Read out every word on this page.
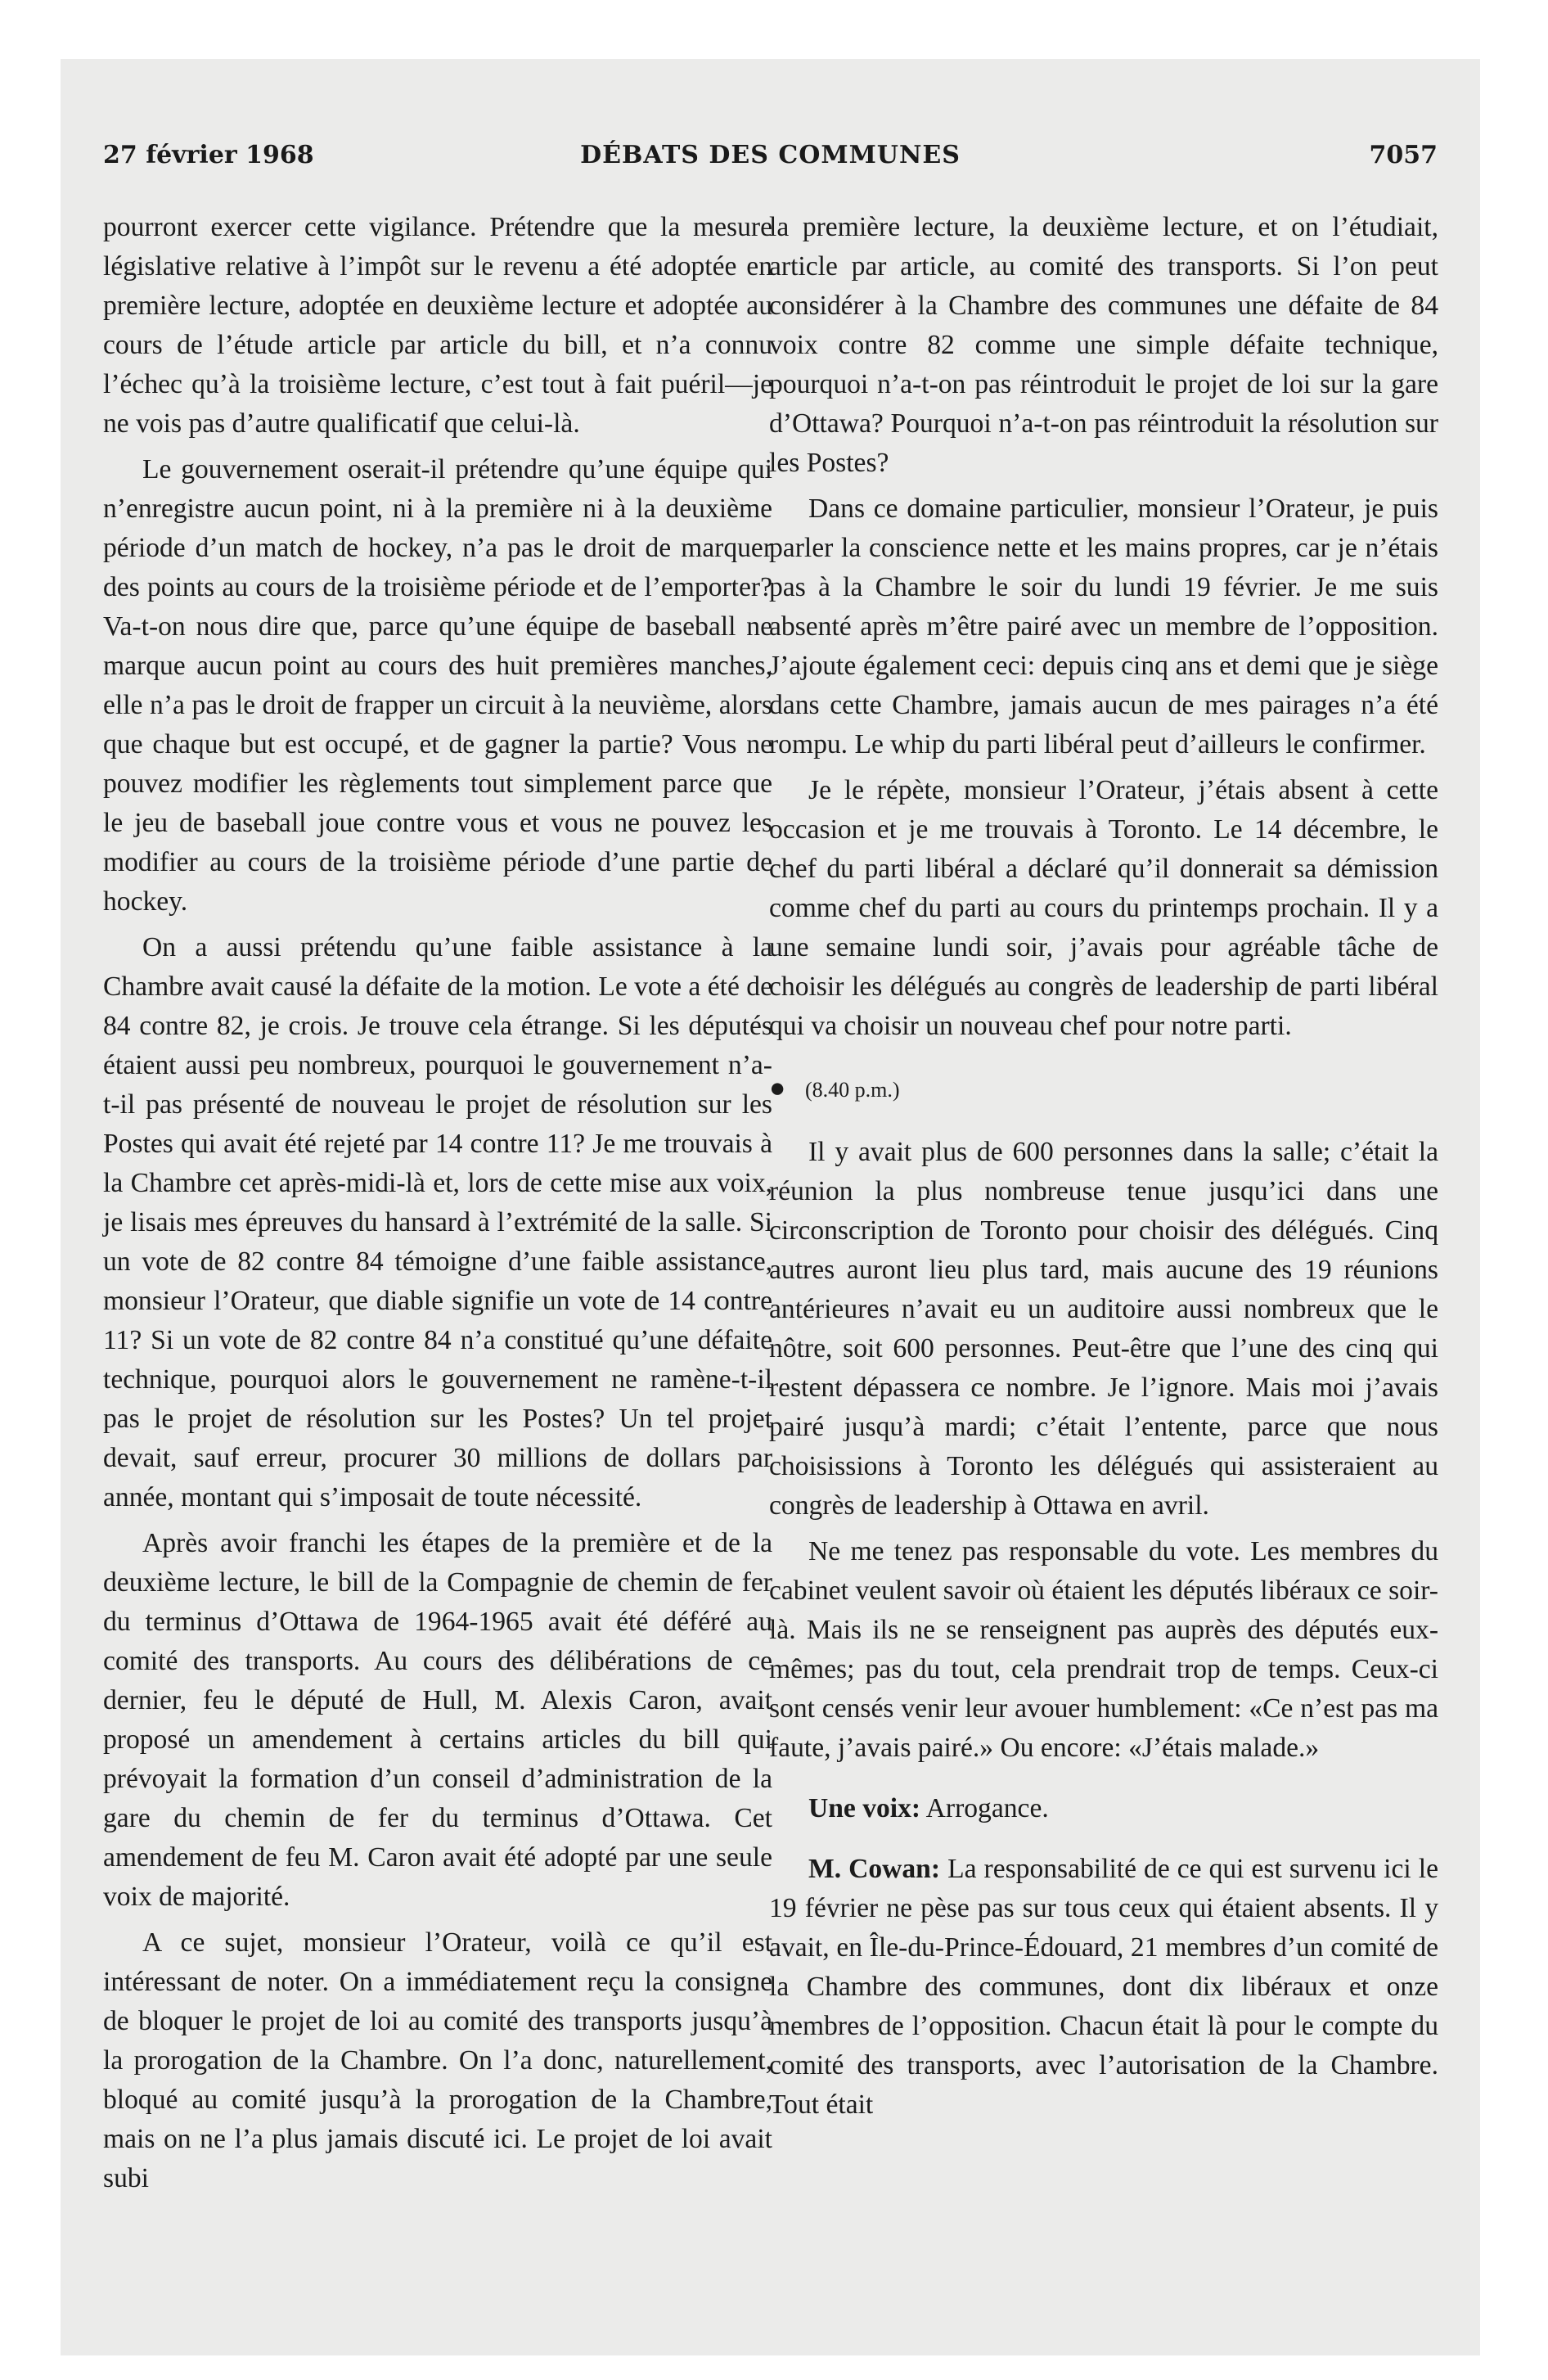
27 février 1968	DÉBATS DES COMMUNES	7057

pourront exercer cette vigilance. Prétendre que la mesure législative relative à l’impôt sur le revenu a été adoptée en première lecture, adoptée en deuxième lecture et adoptée au cours de l’étude article par article du bill, et n’a connu l’échec qu’à la troisième lecture, c’est tout à fait puéril—je ne vois pas d’autre qualificatif que celui-là.

Le gouvernement oserait-il prétendre qu’une équipe qui n’enregistre aucun point, ni à la première ni à la deuxième période d’un match de hockey, n’a pas le droit de marquer des points au cours de la troisième période et de l’emporter? Va-t-on nous dire que, parce qu’une équipe de baseball ne marque aucun point au cours des huit premières manches, elle n’a pas le droit de frapper un circuit à la neuvième, alors que chaque but est occupé, et de gagner la partie? Vous ne pouvez modifier les règlements tout simplement parce que le jeu de baseball joue contre vous et vous ne pouvez les modifier au cours de la troisième période d’une partie de hockey.

On a aussi prétendu qu’une faible assistance à la Chambre avait causé la défaite de la motion. Le vote a été de 84 contre 82, je crois. Je trouve cela étrange. Si les députés étaient aussi peu nombreux, pourquoi le gouvernement n’a-t-il pas présenté de nouveau le projet de résolution sur les Postes qui avait été rejeté par 14 contre 11? Je me trouvais à la Chambre cet après-midi-là et, lors de cette mise aux voix, je lisais mes épreuves du hansard à l’extrémité de la salle. Si un vote de 82 contre 84 témoigne d’une faible assistance, monsieur l’Orateur, que diable signifie un vote de 14 contre 11? Si un vote de 82 contre 84 n’a constitué qu’une défaite technique, pourquoi alors le gouvernement ne ramène-t-il pas le projet de résolution sur les Postes? Un tel projet devait, sauf erreur, procurer 30 millions de dollars par année, montant qui s’imposait de toute nécessité.

Après avoir franchi les étapes de la première et de la deuxième lecture, le bill de la Compagnie de chemin de fer du terminus d’Ottawa de 1964-1965 avait été déféré au comité des transports. Au cours des délibérations de ce dernier, feu le député de Hull, M. Alexis Caron, avait proposé un amendement à certains articles du bill qui prévoyait la formation d’un conseil d’administration de la gare du chemin de fer du terminus d’Ottawa. Cet amendement de feu M. Caron avait été adopté par une seule voix de majorité.

A ce sujet, monsieur l’Orateur, voilà ce qu’il est intéressant de noter. On a immédiatement reçu la consigne de bloquer le projet de loi au comité des transports jusqu’à la prorogation de la Chambre. On l’a donc, naturellement, bloqué au comité jusqu’à la prorogation de la Chambre, mais on ne l’a plus jamais discuté ici. Le projet de loi avait subi

la première lecture, la deuxième lecture, et on l’étudiait, article par article, au comité des transports. Si l’on peut considérer à la Chambre des communes une défaite de 84 voix contre 82 comme une simple défaite technique, pourquoi n’a-t-on pas réintroduit le projet de loi sur la gare d’Ottawa? Pourquoi n’a-t-on pas réintroduit la résolution sur les Postes?

Dans ce domaine particulier, monsieur l’Orateur, je puis parler la conscience nette et les mains propres, car je n’étais pas à la Chambre le soir du lundi 19 février. Je me suis absenté après m’être pairé avec un membre de l’opposition. J’ajoute également ceci: depuis cinq ans et demi que je siège dans cette Chambre, jamais aucun de mes pairages n’a été rompu. Le whip du parti libéral peut d’ailleurs le confirmer.

Je le répète, monsieur l’Orateur, j’étais absent à cette occasion et je me trouvais à Toronto. Le 14 décembre, le chef du parti libéral a déclaré qu’il donnerait sa démission comme chef du parti au cours du printemps prochain. Il y a une semaine lundi soir, j’avais pour agréable tâche de choisir les délégués au congrès de leadership de parti libéral qui va choisir un nouveau chef pour notre parti.

● (8.40 p.m.)

Il y avait plus de 600 personnes dans la salle; c’était la réunion la plus nombreuse tenue jusqu’ici dans une circonscription de Toronto pour choisir des délégués. Cinq autres auront lieu plus tard, mais aucune des 19 réunions antérieures n’avait eu un auditoire aussi nombreux que le nôtre, soit 600 personnes. Peut-être que l’une des cinq qui restent dépassera ce nombre. Je l’ignore. Mais moi j’avais pairé jusqu’à mardi; c’était l’entente, parce que nous choisissions à Toronto les délégués qui assisteraient au congrès de leadership à Ottawa en avril.

Ne me tenez pas responsable du vote. Les membres du cabinet veulent savoir où étaient les députés libéraux ce soir-là. Mais ils ne se renseignent pas auprès des députés eux-mêmes; pas du tout, cela prendrait trop de temps. Ceux-ci sont censés venir leur avouer humblement: «Ce n’est pas ma faute, j’avais pairé.» Ou encore: «J’étais malade.»

Une voix: Arrogance.

M. Cowan: La responsabilité de ce qui est survenu ici le 19 février ne pèse pas sur tous ceux qui étaient absents. Il y avait, en Île-du-Prince-Édouard, 21 membres d’un comité de la Chambre des communes, dont dix libéraux et onze membres de l’opposition. Chacun était là pour le compte du comité des transports, avec l’autorisation de la Chambre. Tout était
